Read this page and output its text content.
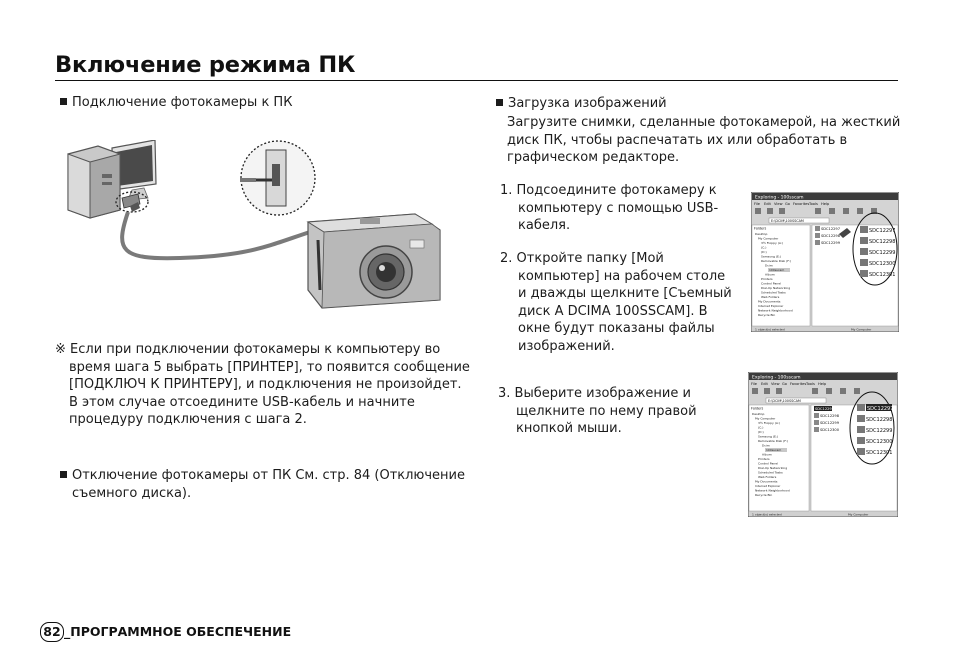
Включение режима ПК
Подключение фотокамеры к ПК
※ Если при подключении фотокамеры к компьютеру во
время шага 5 выбрать [ПРИНТЕР], то появится сообщение
[ПОДКЛЮЧ К ПРИНТЕРУ], и подключения не произойдет.
В этом случае отсоедините USB-кабель и начните
процедуру подключения с шага 2.
Отключение фотокамеры от ПК См. стр. 84 (Отключение
съемного диска).
Загрузка изображений
Загрузите снимки, сделанные фотокамерой, на жесткий
диск ПК, чтобы распечатать их или обработать в
графическом редакторе.
1. Подсоедините фотокамеру к
компьютеру с помощью USB-
кабеля.
2. Откройте папку [Мой
компьютер] на рабочем столе
и дважды щелкните [Съемный
диск A DCIMA 100SSCAM]. В
окне будут показаны файлы
изображений.
3. Выберите изображение и
щелкните по нему правой
кнопкой мыши.
Exploring - 100sscam
File Edit View Go Favorites Tools Help
E:\DCIM\100SSCAM
Folders
Desktop
My Computer
3½ Floppy (A:)
(C:)
(D:)
Samsung (E:)
Removable Disk (F:)
Dcim
100sscam
Album
Printers
Control Panel
Dial-Up Networking
Scheduled Tasks
Web Folders
My Documents
Internet Explorer
Network Neighborhood
Recycle Bin
SDC12297
SDC12298
SDC12299
SDC12297
SDC12298
SDC12299
SDC12300
SDC12301
1 object(s) selected	My Computer
Exploring - 100sscam
File Edit View Go Favorites Tools Help
E:\DCIM\100SSCAM
Folders
Desktop
My Computer
3½ Floppy (A:)
(C:)
(D:)
Samsung (E:)
Removable Disk (F:)
Dcim
100sscam
Album
Printers
Control Panel
Dial-Up Networking
Scheduled Tasks
Web Folders
My Documents
Internet Explorer
Network Neighborhood
Recycle Bin
SDC12297
SDC12298
SDC12299
SDC12300
SDC12297
SDC12298
SDC12299
SDC12300
SDC12301
1 object(s) selected	My Computer
82 _ПРОГРАММНОЕ ОБЕСПЕЧЕНИЕ
